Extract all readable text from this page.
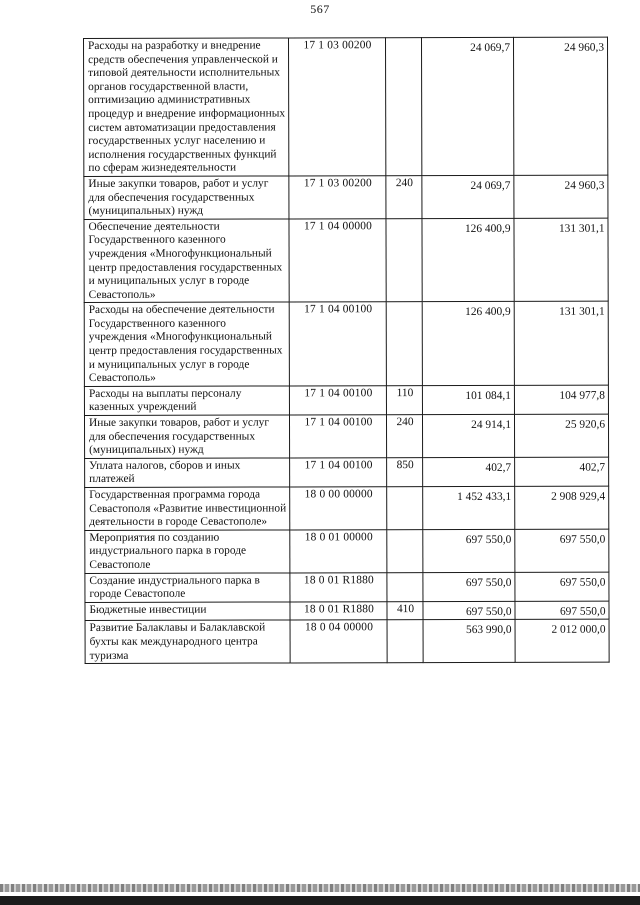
567
Расходы на разработку и внедрение средств обеспечения управленческой и типовой деятельности исполнительных органов государственной власти, оптимизацию административных процедур и внедрение информационных систем автоматизации предоставления государственных услуг населению и исполнения государственных функций по сферам жизнедеятельности	17 1 03 00200		24 069,7	24 960,3

Иные закупки товаров, работ и услуг для обеспечения государственных (муниципальных) нужд	17 1 03 00200	240	24 069,7	24 960,3

Обеспечение деятельности Государственного казенного учреждения «Многофункциональный центр предоставления государственных и муниципальных услуг в городе Севастополь»	17 1 04 00000		126 400,9	131 301,1

Расходы на обеспечение деятельности Государственного казенного учреждения «Многофункциональный центр предоставления государственных и муниципальных услуг в городе Севастополь»	17 1 04 00100		126 400,9	131 301,1

Расходы на выплаты персоналу казенных учреждений	17 1 04 00100	110	101 084,1	104 977,8

Иные закупки товаров, работ и услуг для обеспечения государственных (муниципальных) нужд	17 1 04 00100	240	24 914,1	25 920,6

Уплата налогов, сборов и иных платежей	17 1 04 00100	850	402,7	402,7

Государственная программа города Севастополя «Развитие инвестиционной деятельности в городе Севастополе»	18 0 00 00000		1 452 433,1	2 908 929,4

Мероприятия по созданию индустриального парка в городе Севастополе	18 0 01 00000		697 550,0	697 550,0

Создание индустриального парка в городе Севастополе	18 0 01 R1880		697 550,0	697 550,0

Бюджетные инвестиции	18 0 01 R1880	410	697 550,0	697 550,0

Развитие Балаклавы и Балаклавской бухты как международного центра туризма	18 0 04 00000		563 990,0	2 012 000,0
